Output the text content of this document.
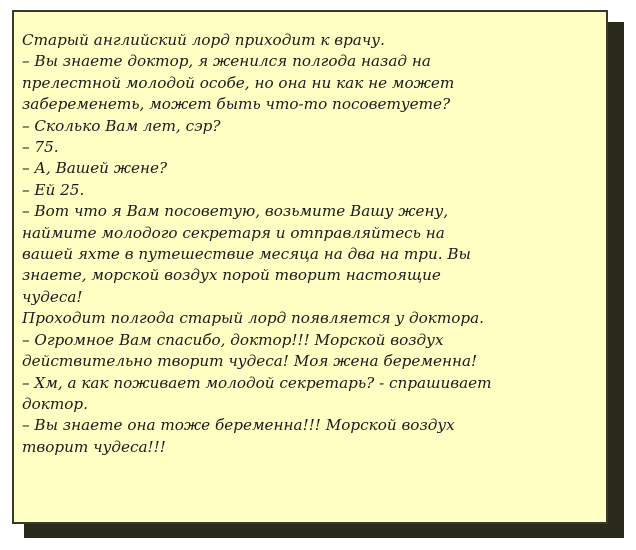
Старый английский лорд приходит к врачу.
– Вы знаете доктор, я женился полгода назад на
прелестной молодой особе, но она ни как не может
забеременеть, может быть что-то посоветуете?
– Сколько Вам лет, сэр?
– 75.
– А, Вашей жене?
– Ей 25.
– Вот что я Вам посоветую, возьмите Вашу жену,
наймите молодого секретаря и отправляйтесь на
вашей яхте в путешествие месяца на два на три. Вы
знаете, морской воздух порой творит настоящие
чудеса!
Проходит полгода старый лорд появляется у доктора.
– Огромное Вам спасибо, доктор!!! Морской воздух
действительно творит чудеса! Моя жена беременна!
– Хм, а как поживает молодой секретарь? - спрашивает
доктор.
– Вы знаете она тоже беременна!!! Морской воздух
творит чудеса!!!
